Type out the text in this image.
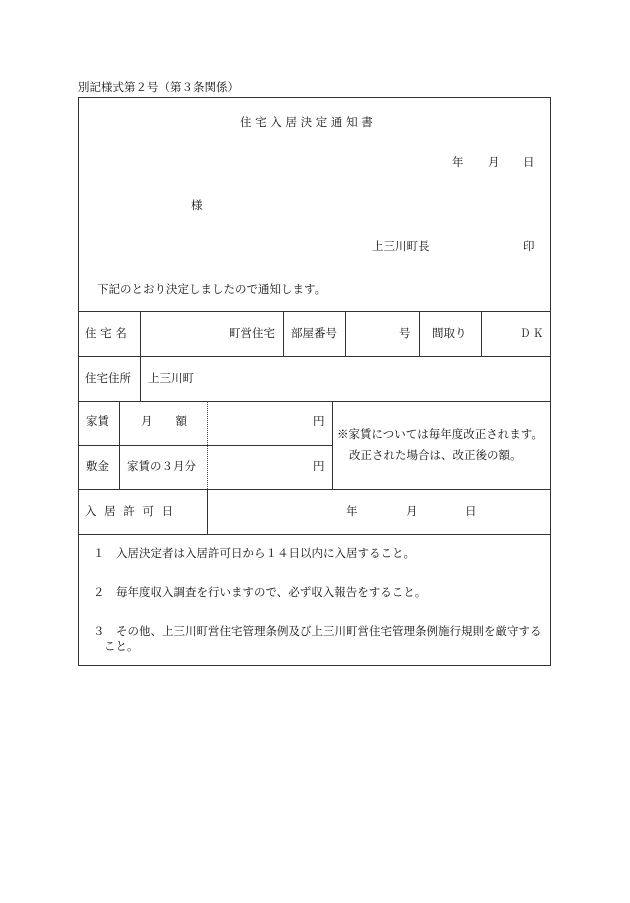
別記様式第２号（第３条関係）
住 宅 入 居 決 定 通 知 書
年 月 日
様
上三川町長	印
下記のとおり決定しましたので通知します。
住 宅 名	町営住宅 部屋番号	号 間取り	ＤＫ
住宅住所 上三川町
家賃	月　　額	円
敷金 家賃の３月分	円
※家賃については毎年度改正されます。
改正された場合は、改正後の額。
入 居 許 可 日	年	月	日
１ 入居決定者は入居許可日から１４日以内に入居すること。
２ 毎年度収入調査を行いますので、必ず収入報告をすること。
３ その他、上三川町営住宅管理条例及び上三川町営住宅管理条例施行規則を厳守する
こと。
